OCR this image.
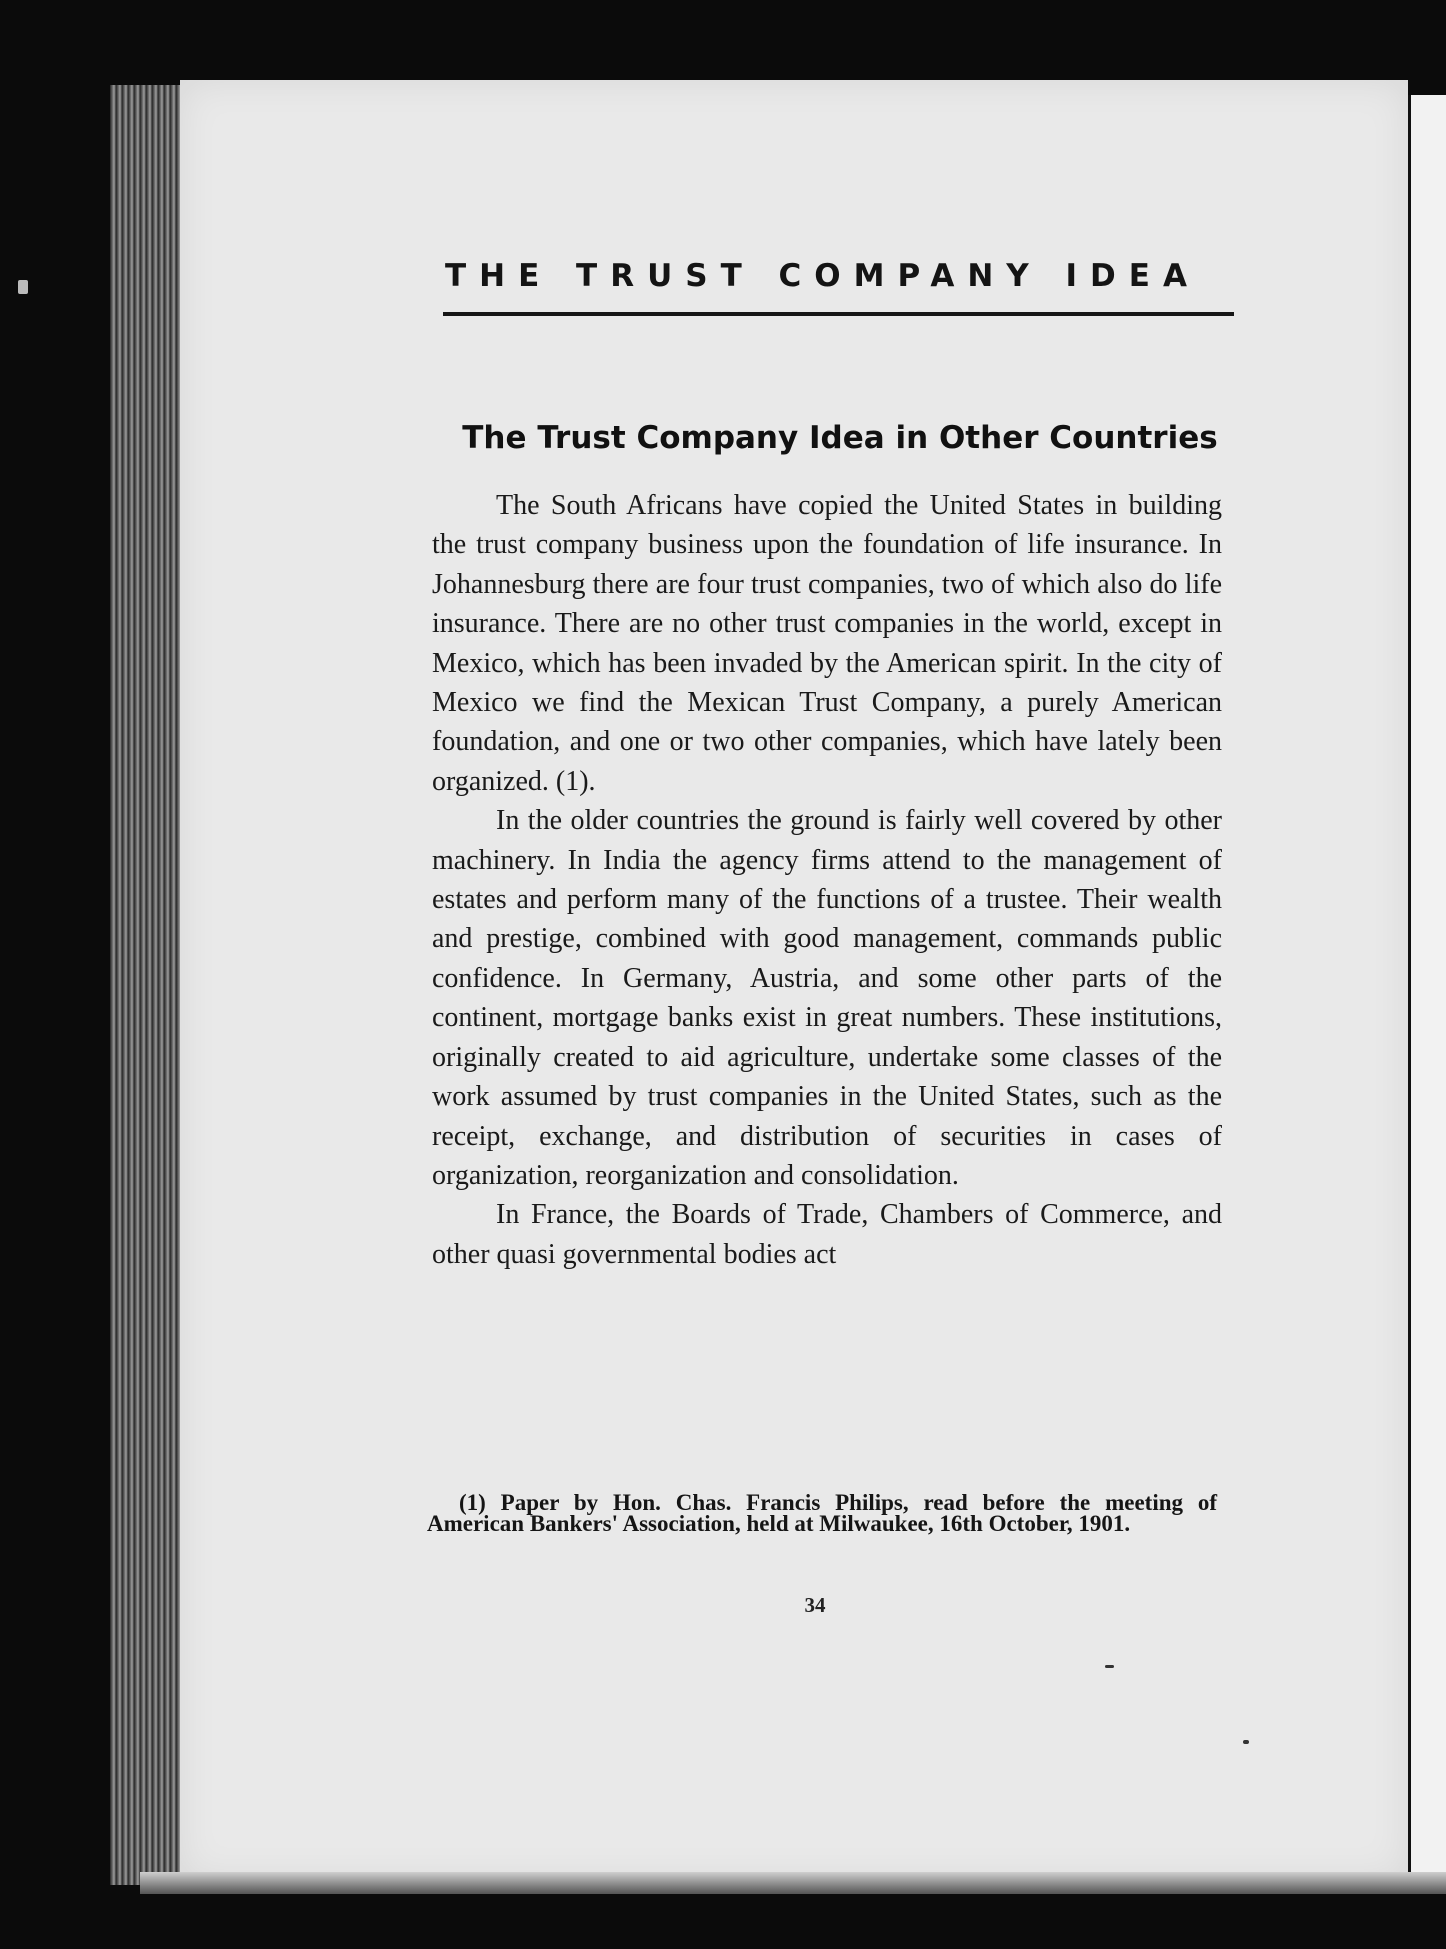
THE TRUST COMPANY IDEA
The Trust Company Idea in Other Countries

The South Africans have copied the United States in building the trust company business upon the foundation of life insurance. In Johannesburg there are four trust companies, two of which also do life insurance. There are no other trust companies in the world, except in Mexico, which has been invaded by the American spirit. In the city of Mexico we find the Mexican Trust Company, a purely American foundation, and one or two other companies, which have lately been organized. (1).

In the older countries the ground is fairly well covered by other machinery. In India the agency firms attend to the management of estates and perform many of the functions of a trustee. Their wealth and prestige, combined with good management, commands public confidence. In Germany, Austria, and some other parts of the continent, mortgage banks exist in great numbers. These institutions, originally created to aid agriculture, undertake some classes of the work assumed by trust companies in the United States, such as the receipt, exchange, and distribution of securities in cases of organization, reorganization and consolidation.

In France, the Boards of Trade, Chambers of Commerce, and other quasi governmental bodies act

(1) Paper by Hon. Chas. Francis Philips, read before the meeting of American Bankers' Association, held at Milwaukee, 16th October, 1901.

34
